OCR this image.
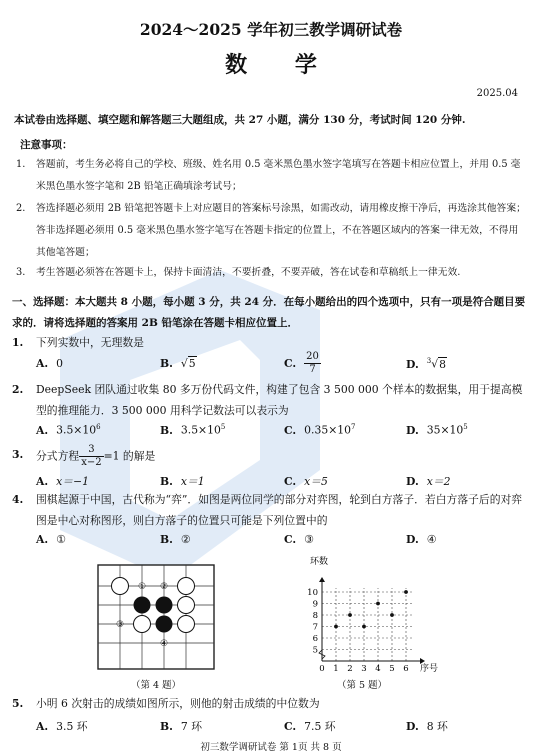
2024～2025 学年初三教学调研试卷
数 学
2025.04
本试卷由选择题、填空题和解答题三大题组成，共 27 小题，满分 130 分，考试时间 120 分钟.
注意事项：
1. 答题前，考生务必将自己的学校、班级、姓名用 0.5 毫米黑色墨水签字笔填写在答题卡相应位置上，并用 0.5 毫米黑色墨水签字笔和 2B 铅笔正确填涂考试号；
2. 答选择题必须用 2B 铅笔把答题卡上对应题目的答案标号涂黑，如需改动，请用橡皮擦干净后，再选涂其他答案；答非选择题必须用 0.5 毫米黑色墨水签字笔写在答题卡指定的位置上，不在答题区域内的答案一律无效，不得用其他笔答题；
3. 考生答题必须答在答题卡上，保持卡面清洁，不要折叠，不要弄破，答在试卷和草稿纸上一律无效.
一、选择题：本大题共 8 小题，每小题 3 分，共 24 分．在每小题给出的四个选项中，只有一项是符合题目要求的．请将选择题的答案用 2B 铅笔涂在答题卡相应位置上．
1. 下列实数中，无理数是
A. 0	B. √5	C. $\frac{20}{7}$	D. $^3$√8
2. DeepSeek 团队通过收集 80 多万份代码文件，构建了包含 3 500 000 个样本的数据集，用于提高模型的推理能力．3 500 000 用科学记数法可以表示为
A. $3.5\times 10^6$	B. $3.5\times 10^5$	C. $0.35\times 10^7$	D. $35\times 10^5$
3. 分式方程 $\frac{3}{x-2} =1$ 的解是
A. x＝−1	B. x＝1	C. x＝5	D. x＝2
4. 围棋起源于中国，古代称为“弈”．如图是两位同学的部分对弈图，轮到白方落子．若白方落子后的对弈图是中心对称图形，则白方落子的位置只可能是下列位置中的
A. ①	B. ②	C. ③	D. ④
① ②
③
④
（第 4 题）
0 1 2 3 4 5 6
5
6
7
8
9
10
环数
序号
（第 5 题）
5. 小明 6 次射击的成绩如图所示，则他的射击成绩的中位数为
A. 3.5 环	B. 7 环	C. 7.5 环	D. 8 环
初三数学调研试卷 第 1页 共 8 页
